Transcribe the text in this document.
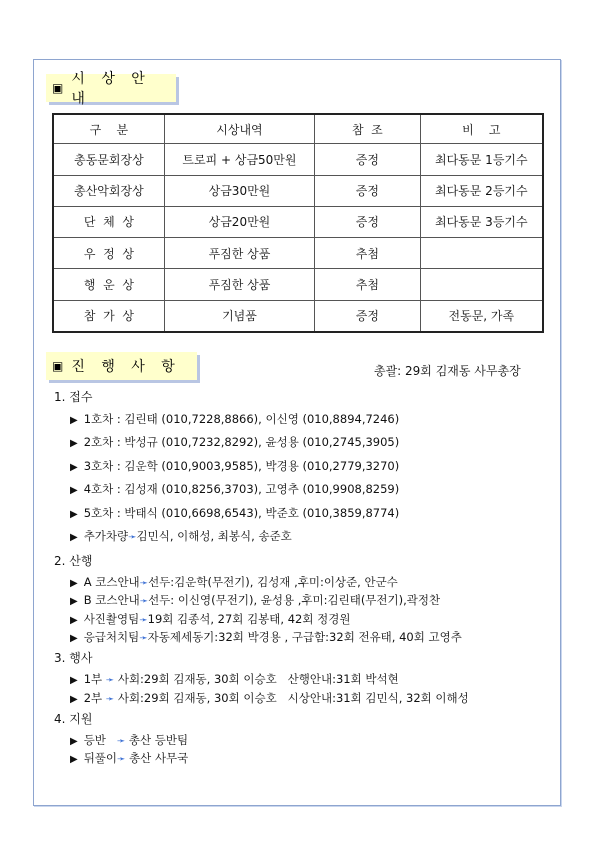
▣
시 상 안 내
구    분	시상내역	참  조	비    고
총동문회장상	트로피 + 상금50만원	증정	최다동문 1등기수
총산악회장상	상금30만원	증정	최다동문 2등기수
단  체  상	상금20만원	증정	최다동문 3등기수
우  정  상	푸짐한 상품	추첨	
행  운  상	푸짐한 상품	추첨	
참  가  상	기념품	증정	전동문, 가족
▣ 진 행 사 항	총괄: 29회 김재동 사무총장
1. 접수
▶ 1호차 : 김린태 (010,7228,8866), 이신영 (010,8894,7246)
▶ 2호차 : 박성규 (010,7232,8292), 윤성용 (010,2745,3905)
▶ 3호차 : 김운학 (010,9003,9585), 박경용 (010,2779,3270)
▶ 4호차 : 김성재 (010,8256,3703), 고영추 (010,9908,8259)
▶ 5호차 : 박태식 (010,6698,6543), 박준호 (010,3859,8774)
▶ 추가차량➛김민식, 이해성, 최봉식, 송준호
2. 산행
▶ A 코스안내➛선두:김운학(무전기), 김성재 ,후미:이상준, 안군수
▶ B 코스안내➛선두: 이신영(무전기), 윤성용 ,후미:김린태(무전기),곽정찬
▶ 사진촬영팀➛19회 김종석, 27회 김봉태, 42회 정경원
▶ 응급처치팀➛자동제세동기:32회 박경용 , 구급함:32회 전유태, 40회 고영추
3. 행사
▶ 1부 ➛ 사회:29회 김재동, 30회 이승호   산행안내:31회 박석현
▶ 2부 ➛ 사회:29회 김재동, 30회 이승호   시상안내:31회 김민식, 32회 이해성
4. 지원
▶ 등반   ➛ 총산 등반팀
▶ 뒤풀이➛ 총산 사무국
